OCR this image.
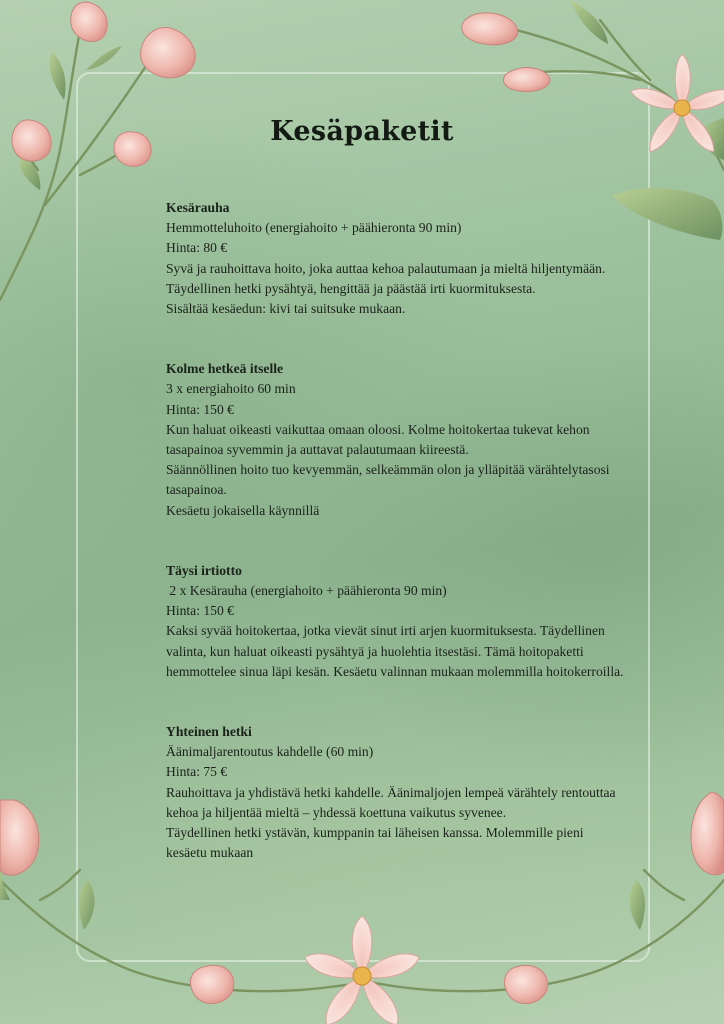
Kesäpaketit
Kesärauha
Hemmotteluhoito (energiahoito + päähieronta 90 min)
Hinta: 80 €
Syvä ja rauhoittava hoito, joka auttaa kehoa palautumaan ja mieltä hiljentymään.
Täydellinen hetki pysähtyä, hengittää ja päästää irti kuormituksesta.
Sisältää kesäedun: kivi tai suitsuke mukaan.
Kolme hetkeä itselle
3 x energiahoito 60 min
Hinta: 150 €
Kun haluat oikeasti vaikuttaa omaan oloosi. Kolme hoitokertaa tukevat kehon tasapainoa syvemmin ja auttavat palautumaan kiireestä.
Säännöllinen hoito tuo kevyemmän, selkeämmän olon ja ylläpitää värähtelytasosi tasapainoa.
Kesäetu jokaisella käynnillä
Täysi irtiotto
2 x Kesärauha (energiahoito + päähieronta 90 min)
Hinta: 150 €
Kaksi syvää hoitokertaa, jotka vievät sinut irti arjen kuormituksesta. Täydellinen valinta, kun haluat oikeasti pysähtyä ja huolehtia itsestäsi. Tämä hoitopaketti hemmottelee sinua läpi kesän. Kesäetu valinnan mukaan molemmilla hoitokerroilla.
Yhteinen hetki
Äänimaljarentoutus kahdelle (60 min)
Hinta: 75 €
Rauhoittava ja yhdistävä hetki kahdelle. Äänimaljojen lempeä värähtely rentouttaa kehoa ja hiljentää mieltä – yhdessä koettuna vaikutus syvenee.
Täydellinen hetki ystävän, kumppanin tai läheisen kanssa. Molemmille pieni kesäetu mukaan
